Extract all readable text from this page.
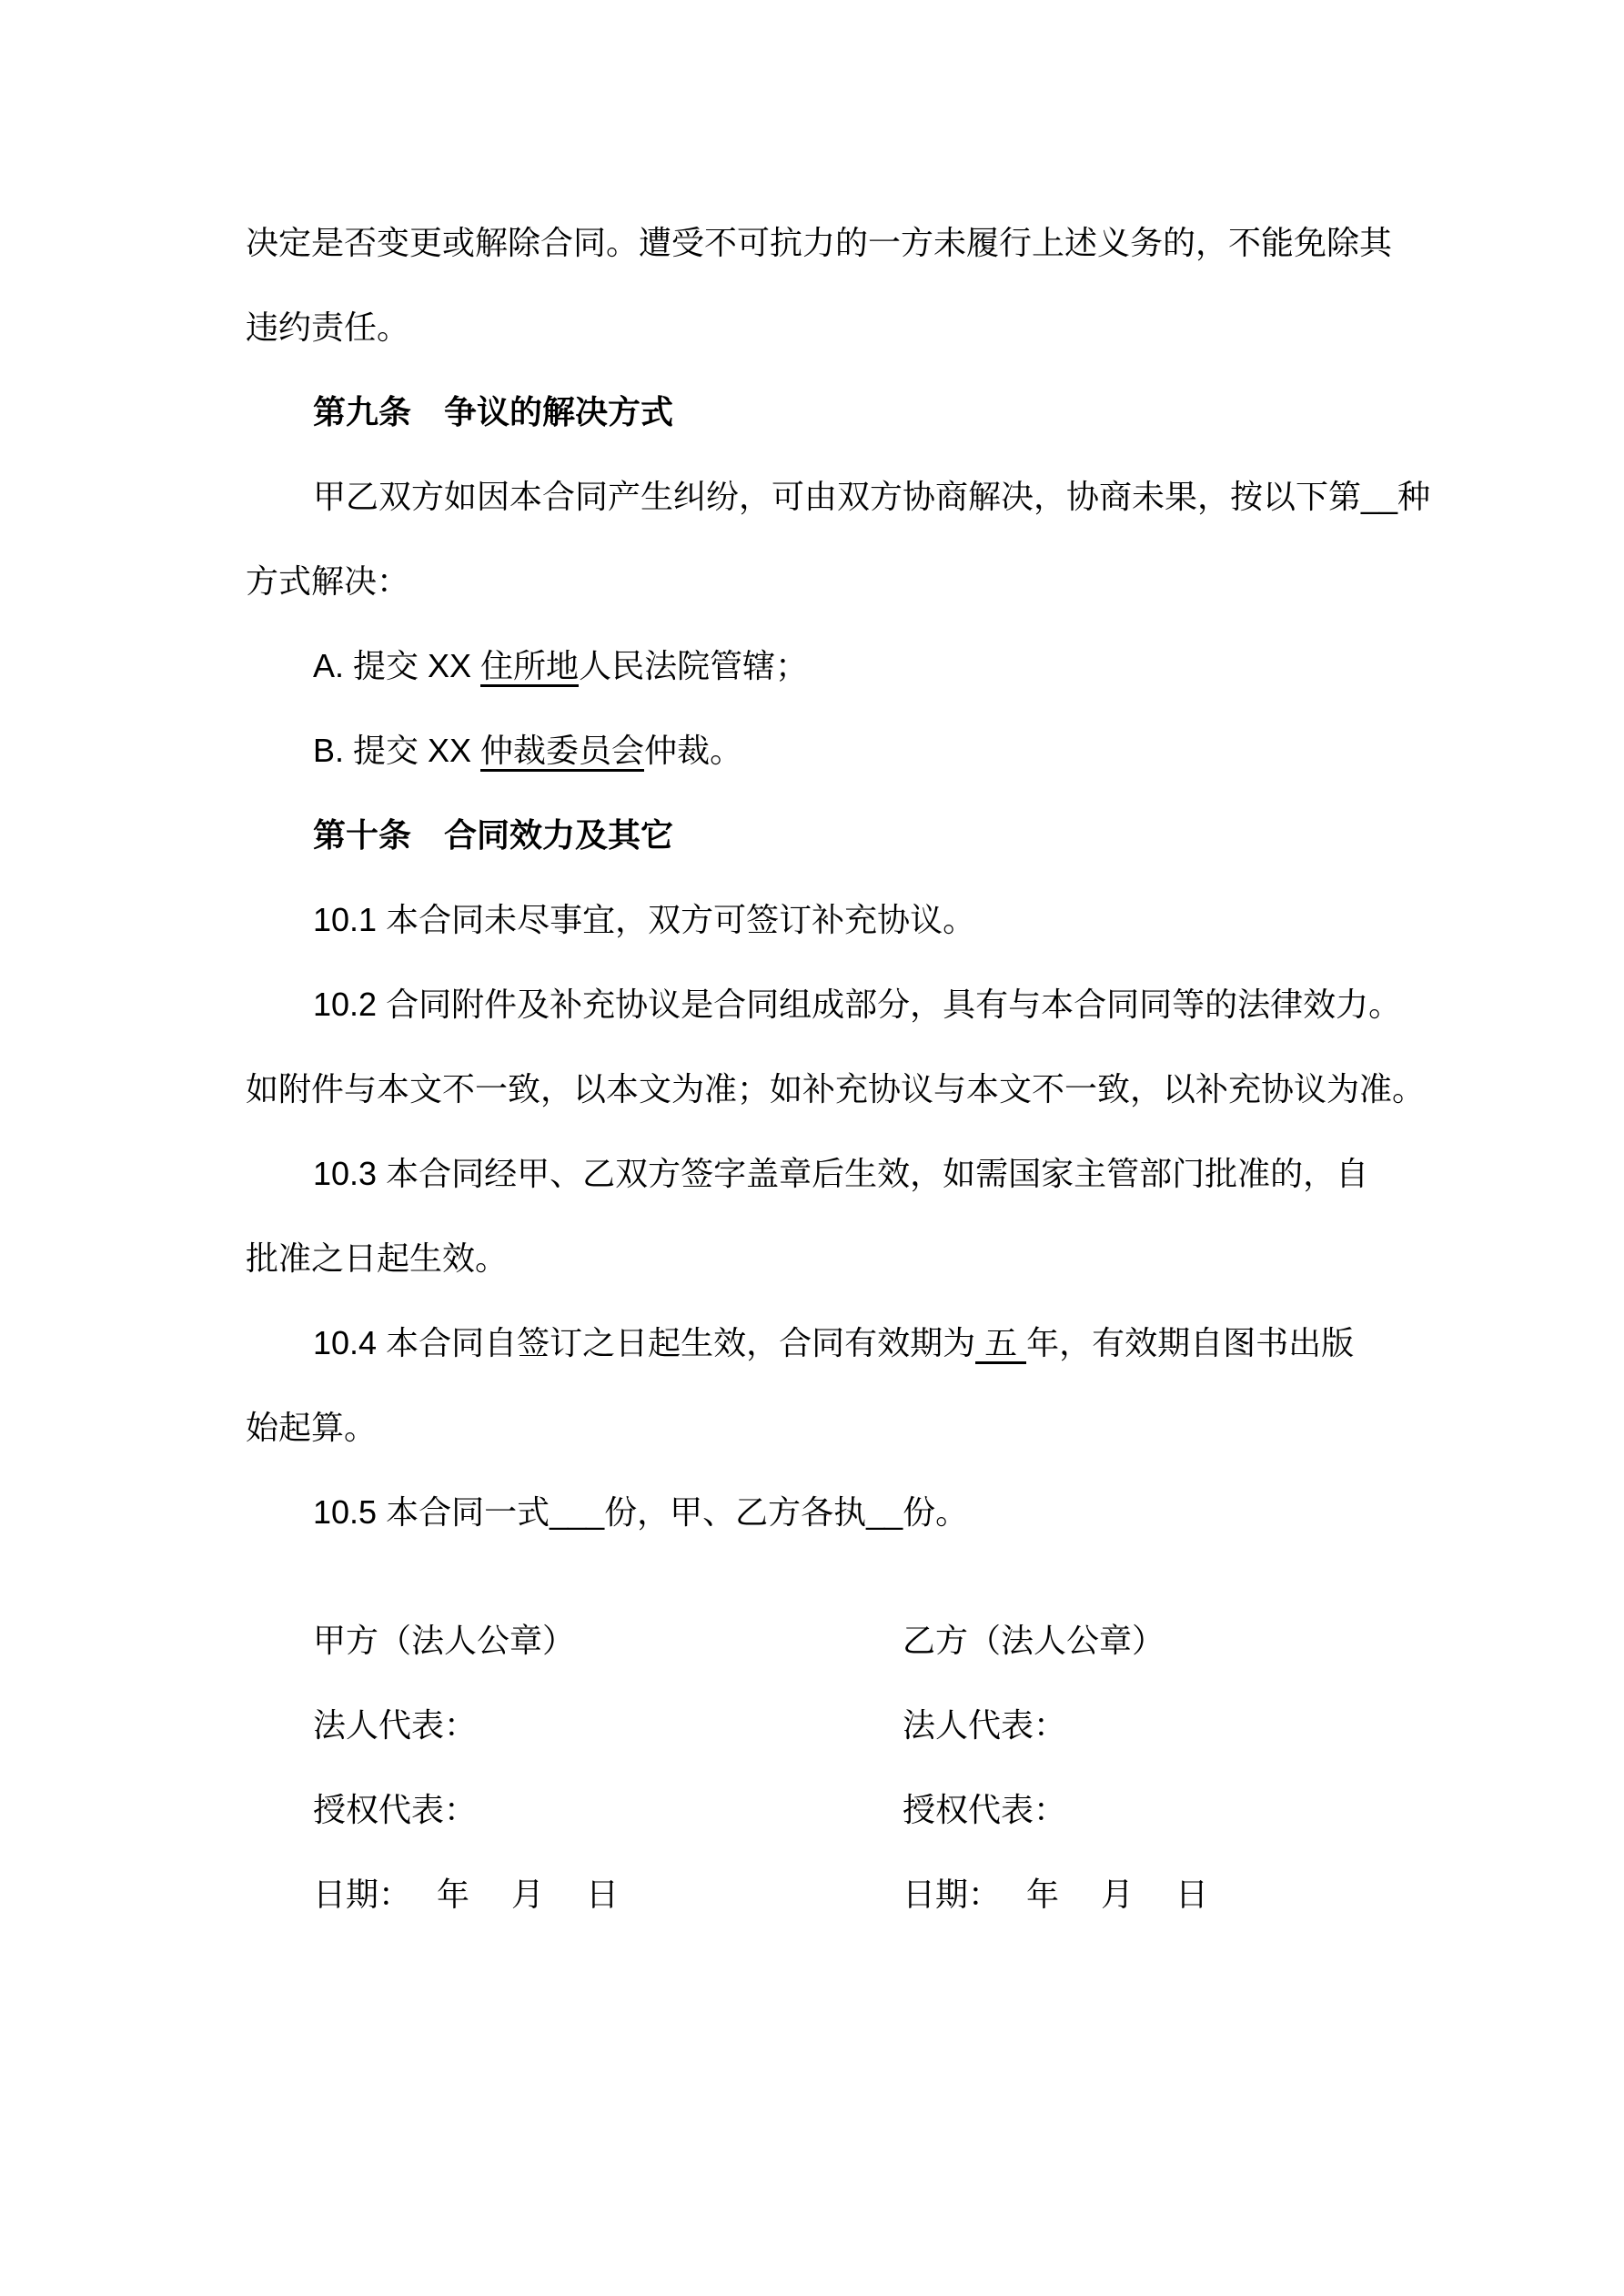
决定是否变更或解除合同。遭受不可抗力的一方未履行上述义务的，不能免除其

违约责任。

第九条　争议的解决方式

甲乙双方如因本合同产生纠纷，可由双方协商解决，协商未果，按以下第__种

方式解决：

A. 提交 XX 住所地人民法院管辖；

B. 提交 XX 仲裁委员会仲裁。

第十条　合同效力及其它

10.1 本合同未尽事宜，双方可签订补充协议。

10.2 合同附件及补充协议是合同组成部分，具有与本合同同等的法律效力。

如附件与本文不一致，以本文为准；如补充协议与本文不一致，以补充协议为准。

10.3 本合同经甲、乙双方签字盖章后生效，如需国家主管部门批准的，自

批准之日起生效。

10.4 本合同自签订之日起生效，合同有效期为 五 年，有效期自图书出版

始起算。

10.5 本合同一式___份，甲、乙方各执__份。

甲方（法人公章）	乙方（法人公章）

法人代表：	法人代表：

授权代表：	授权代表：

日期：　 年　 月　 日	日期：　 年　 月　 日
